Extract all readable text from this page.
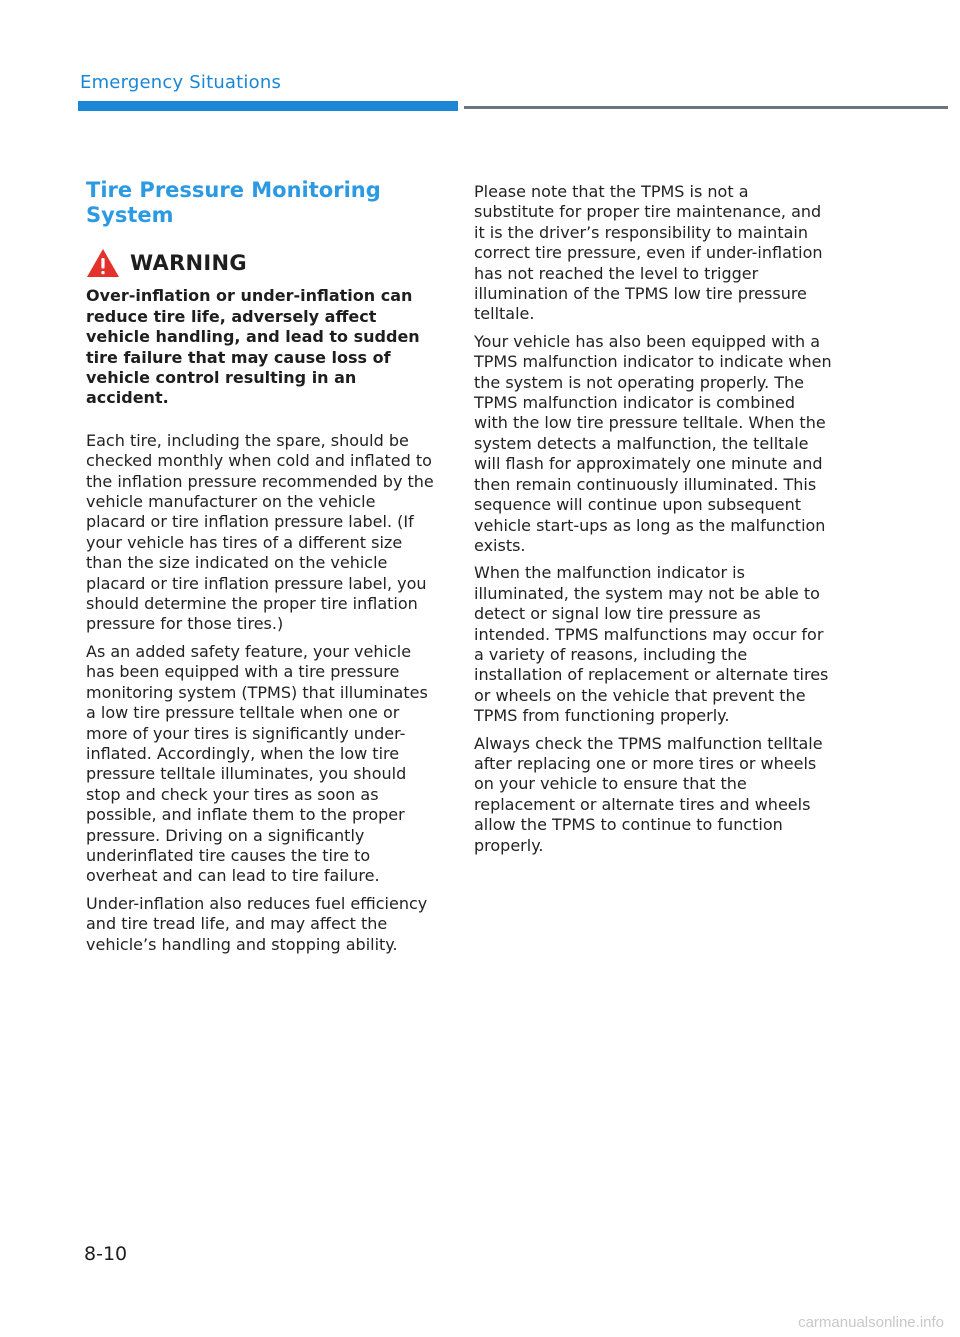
Emergency Situations
Tire Pressure Monitoring System
WARNING

Over-inflation or under-inflation can reduce tire life, adversely affect vehicle handling, and lead to sudden tire failure that may cause loss of vehicle control resulting in an accident.

Each tire, including the spare, should be checked monthly when cold and inflated to the inflation pressure recommended by the vehicle manufacturer on the vehicle placard or tire inflation pressure label. (If your vehicle has tires of a different size than the size indicated on the vehicle placard or tire inflation pressure label, you should determine the proper tire inflation pressure for those tires.)

As an added safety feature, your vehicle has been equipped with a tire pressure monitoring system (TPMS) that illuminates a low tire pressure telltale when one or more of your tires is significantly under-inflated. Accordingly, when the low tire pressure telltale illuminates, you should stop and check your tires as soon as possible, and inflate them to the proper pressure. Driving on a significantly underinflated tire causes the tire to overheat and can lead to tire failure.

Under-inflation also reduces fuel efficiency and tire tread life, and may affect the vehicle’s handling and stopping ability.

Please note that the TPMS is not a substitute for proper tire maintenance, and it is the driver’s responsibility to maintain correct tire pressure, even if under-inflation has not reached the level to trigger illumination of the TPMS low tire pressure telltale.

Your vehicle has also been equipped with a TPMS malfunction indicator to indicate when the system is not operating properly. The TPMS malfunction indicator is combined with the low tire pressure telltale. When the system detects a malfunction, the telltale will flash for approximately one minute and then remain continuously illuminated. This sequence will continue upon subsequent vehicle start-ups as long as the malfunction exists.

When the malfunction indicator is illuminated, the system may not be able to detect or signal low tire pressure as intended. TPMS malfunctions may occur for a variety of reasons, including the installation of replacement or alternate tires or wheels on the vehicle that prevent the TPMS from functioning properly.

Always check the TPMS malfunction telltale after replacing one or more tires or wheels on your vehicle to ensure that the replacement or alternate tires and wheels allow the TPMS to continue to function properly.

8-10
carmanualsonline.info
